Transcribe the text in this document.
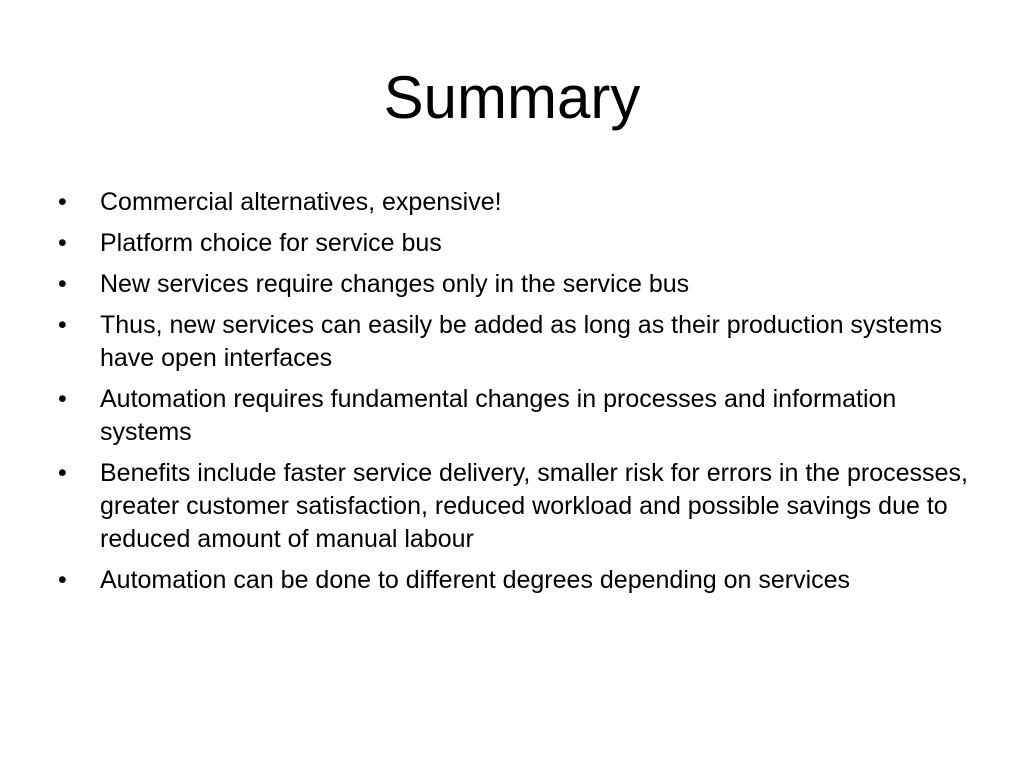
Summary
•	Commercial alternatives, expensive!
•	Platform choice for service bus
•	New services require changes only in the service bus
•	Thus, new services can easily be added as long as their production systems have open interfaces
•	Automation requires fundamental changes in processes and information systems
•	Benefits include faster service delivery, smaller risk for errors in the processes, greater customer satisfaction, reduced workload and possible savings due to reduced amount of manual labour
•	Automation can be done to different degrees depending on services
